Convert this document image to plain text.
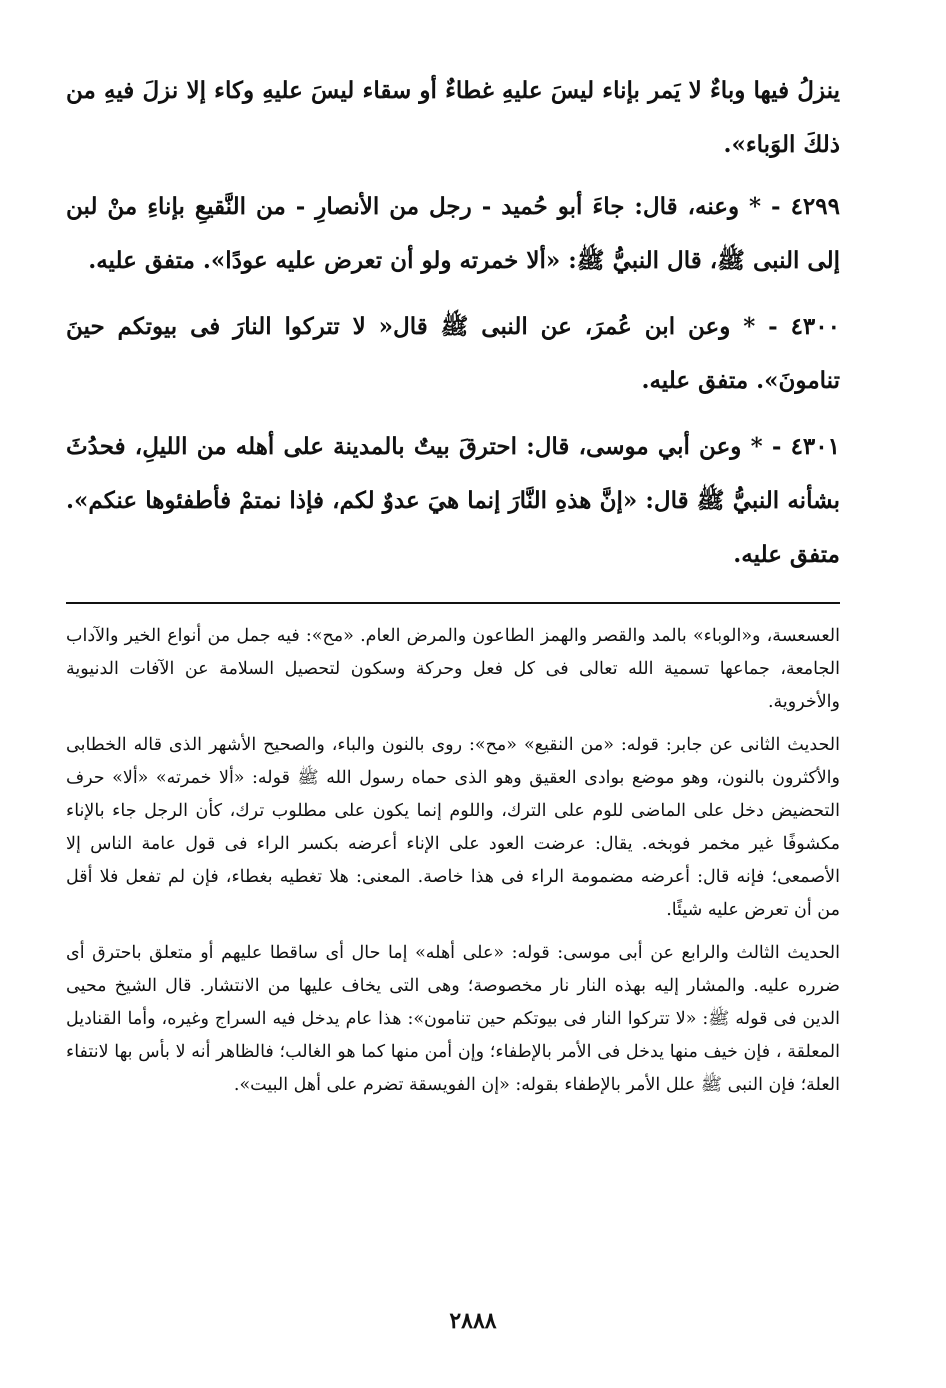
ينزلُ فيها وباءٌ لا يَمر بإناء ليسَ عليهِ غطاءٌ أو سقاء ليسَ عليهِ وكاء إلا نزلَ فيهِ من ذلكَ الوَباء».

٤٢٩٩ - * وعنه، قال: جاءَ أبو حُميد - رجل من الأنصارِ - من النَّقيعِ بإناءِ منْ لبن إلى النبى ﷺ، قال النبيُّ ﷺ: «ألا خمرته ولو أن تعرض عليه عودًا». متفق عليه.

٤٣٠٠ - * وعن ابن عُمرَ، عن النبى ﷺ قال« لا تتركوا النارَ فى بيوتكم حينَ تنامونَ». متفق عليه.

٤٣٠١ - * وعن أبي موسى، قال: احترقَ بيتٌ بالمدينة على أهله من الليلِ، فحدُثَ بشأنه النبيُّ ﷺ قال: «إنَّ هذهِ النَّارَ إنما هيَ عدوٌ لكم، فإذا نمتمْ فأطفئوها عنكم». متفق عليه.

العسعسة، و«الوباء» بالمد والقصر والهمز الطاعون والمرض العام. «مح»: فيه جمل من أنواع الخير والآداب الجامعة، جماعها تسمية الله تعالى فى كل فعل وحركة وسكون لتحصيل السلامة عن الآفات الدنيوية والأخروية.

الحديث الثانى عن جابر: قوله: «من النقيع» «مح»: روى بالنون والباء، والصحيح الأشهر الذى قاله الخطابى والأكثرون بالنون، وهو موضع بوادى العقيق وهو الذى حماه رسول الله ﷺ قوله: «ألا خمرته» «ألا» حرف التحضيض دخل على الماضى للوم على الترك، واللوم إنما يكون على مطلوب ترك، كأن الرجل جاء بالإناء مكشوفًا غير مخمر فوبخه. يقال: عرضت العود على الإناء أعرضه بكسر الراء فى قول عامة الناس إلا الأصمعى؛ فإنه قال: أعرضه مضمومة الراء فى هذا خاصة. المعنى: هلا تغطيه بغطاء، فإن لم تفعل فلا أقل من أن تعرض عليه شيئًا.

الحديث الثالث والرابع عن أبى موسى: قوله: «على أهله» إما حال أى ساقطا عليهم أو متعلق باحترق أى ضرره عليه. والمشار إليه بهذه النار نار مخصوصة؛ وهى التى يخاف عليها من الانتشار. قال الشيخ محيى الدين فى قوله ﷺ: «لا تتركوا النار فى بيوتكم حين تنامون»: هذا عام يدخل فيه السراج وغيره، وأما القناديل المعلقة ، فإن خيف منها يدخل فى الأمر بالإطفاء؛ وإن أمن منها كما هو الغالب؛ فالظاهر أنه لا بأس بها لانتفاء العلة؛ فإن النبى ﷺ علل الأمر بالإطفاء بقوله: «إن الفويسقة تضرم على أهل البيت».

٢٨٨٨
